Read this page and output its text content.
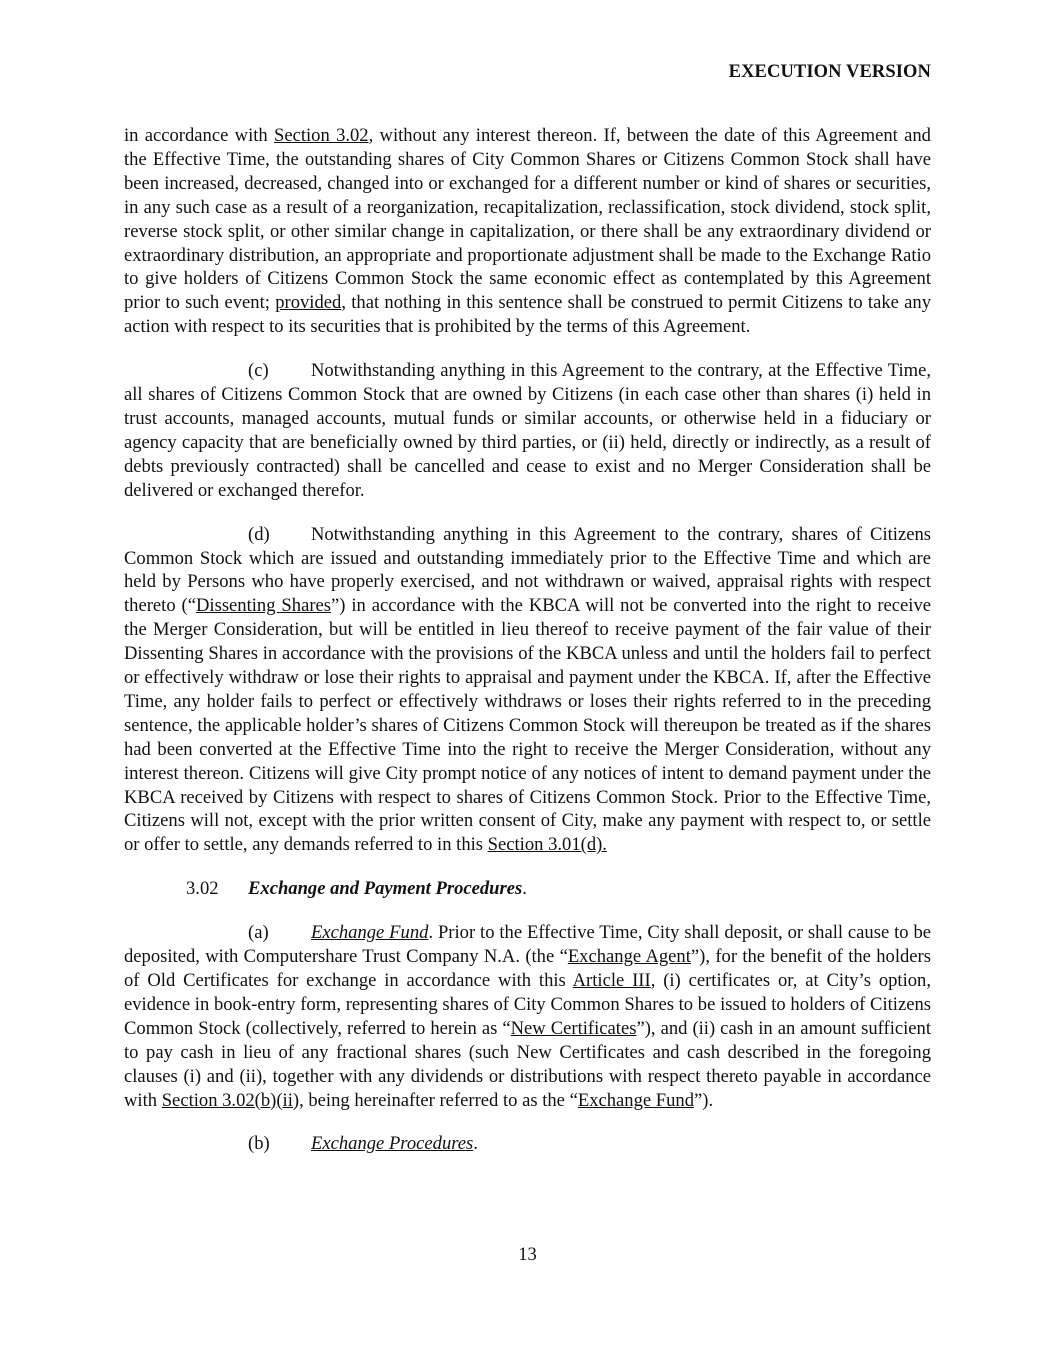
EXECUTION VERSION

in accordance with Section 3.02, without any interest thereon. If, between the date of this Agreement and the Effective Time, the outstanding shares of City Common Shares or Citizens Common Stock shall have been increased, decreased, changed into or exchanged for a different number or kind of shares or securities, in any such case as a result of a reorganization, recapitalization, reclassification, stock dividend, stock split, reverse stock split, or other similar change in capitalization, or there shall be any extraordinary dividend or extraordinary distribution, an appropriate and proportionate adjustment shall be made to the Exchange Ratio to give holders of Citizens Common Stock the same economic effect as contemplated by this Agreement prior to such event; provided, that nothing in this sentence shall be construed to permit Citizens to take any action with respect to its securities that is prohibited by the terms of this Agreement.

(c) Notwithstanding anything in this Agreement to the contrary, at the Effective Time, all shares of Citizens Common Stock that are owned by Citizens (in each case other than shares (i) held in trust accounts, managed accounts, mutual funds or similar accounts, or otherwise held in a fiduciary or agency capacity that are beneficially owned by third parties, or (ii) held, directly or indirectly, as a result of debts previously contracted) shall be cancelled and cease to exist and no Merger Consideration shall be delivered or exchanged therefor.

(d) Notwithstanding anything in this Agreement to the contrary, shares of Citizens Common Stock which are issued and outstanding immediately prior to the Effective Time and which are held by Persons who have properly exercised, and not withdrawn or waived, appraisal rights with respect thereto (“Dissenting Shares”) in accordance with the KBCA will not be converted into the right to receive the Merger Consideration, but will be entitled in lieu thereof to receive payment of the fair value of their Dissenting Shares in accordance with the provisions of the KBCA unless and until the holders fail to perfect or effectively withdraw or lose their rights to appraisal and payment under the KBCA. If, after the Effective Time, any holder fails to perfect or effectively withdraws or loses their rights referred to in the preceding sentence, the applicable holder’s shares of Citizens Common Stock will thereupon be treated as if the shares had been converted at the Effective Time into the right to receive the Merger Consideration, without any interest thereon. Citizens will give City prompt notice of any notices of intent to demand payment under the KBCA received by Citizens with respect to shares of Citizens Common Stock. Prior to the Effective Time, Citizens will not, except with the prior written consent of City, make any payment with respect to, or settle or offer to settle, any demands referred to in this Section 3.01(d).

3.02 Exchange and Payment Procedures.

(a) Exchange Fund. Prior to the Effective Time, City shall deposit, or shall cause to be deposited, with Computershare Trust Company N.A. (the “Exchange Agent”), for the benefit of the holders of Old Certificates for exchange in accordance with this Article III, (i) certificates or, at City’s option, evidence in book-entry form, representing shares of City Common Shares to be issued to holders of Citizens Common Stock (collectively, referred to herein as “New Certificates”), and (ii) cash in an amount sufficient to pay cash in lieu of any fractional shares (such New Certificates and cash described in the foregoing clauses (i) and (ii), together with any dividends or distributions with respect thereto payable in accordance with Section 3.02(b)(ii), being hereinafter referred to as the “Exchange Fund”).

(b) Exchange Procedures.
13
